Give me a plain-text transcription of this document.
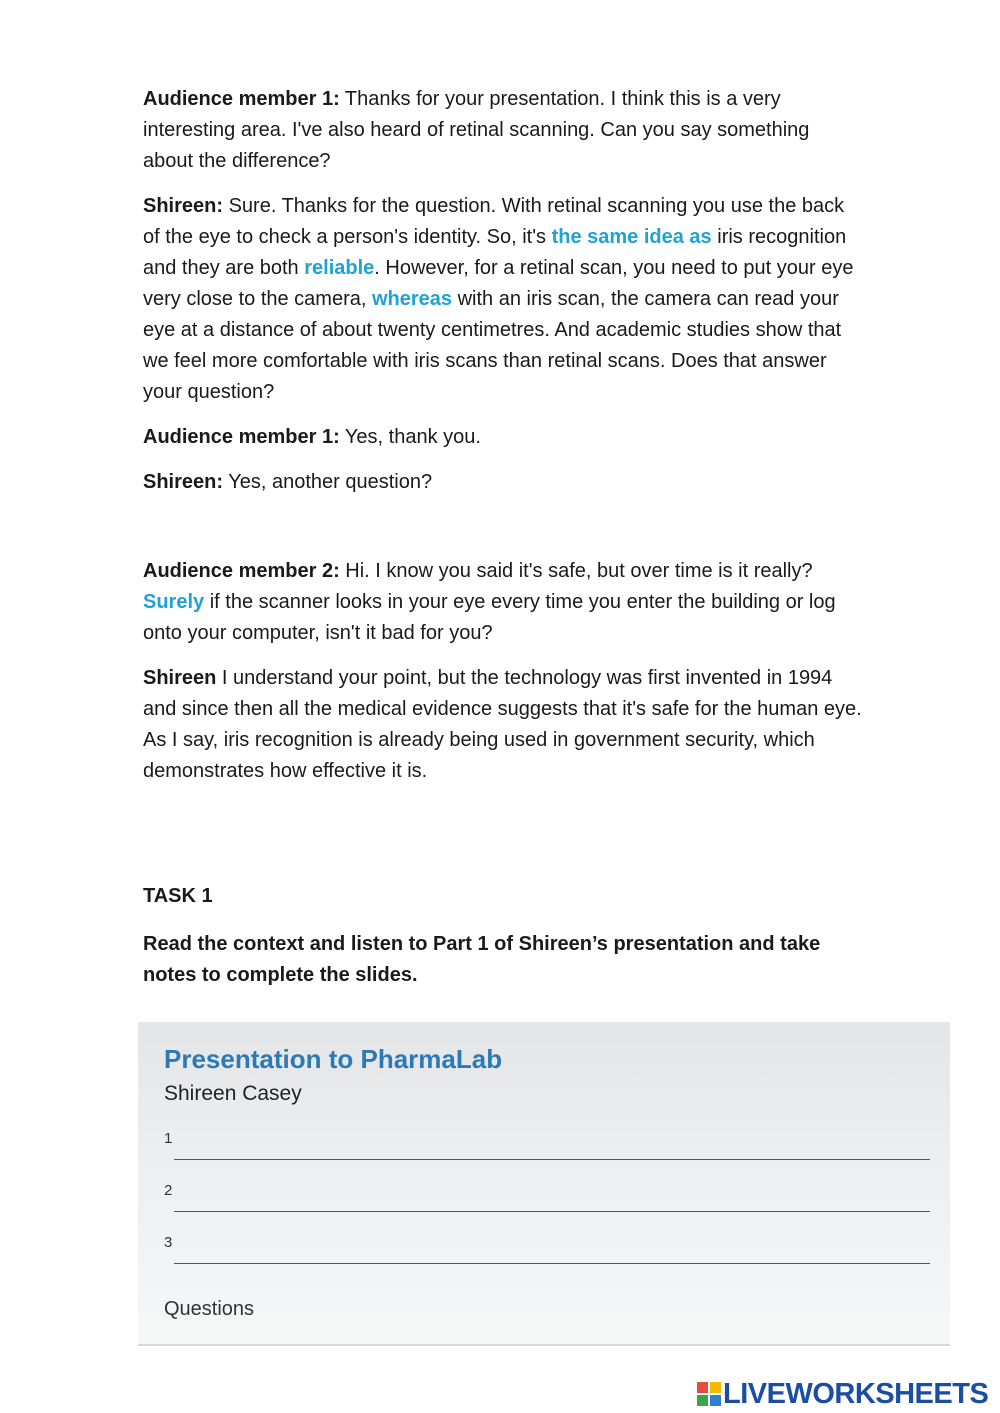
Audience member 1: Thanks for your presentation. I think this is a very interesting area. I've also heard of retinal scanning. Can you say something about the difference?

Shireen: Sure. Thanks for the question. With retinal scanning you use the back of the eye to check a person's identity. So, it's the same idea as iris recognition and they are both reliable. However, for a retinal scan, you need to put your eye very close to the camera, whereas with an iris scan, the camera can read your eye at a distance of about twenty centimetres. And academic studies show that we feel more comfortable with iris scans than retinal scans. Does that answer your question?

Audience member 1: Yes, thank you.

Shireen: Yes, another question?

Audience member 2: Hi. I know you said it's safe, but over time is it really? Surely if the scanner looks in your eye every time you enter the building or log onto your computer, isn't it bad for you?

Shireen I understand your point, but the technology was first invented in 1994 and since then all the medical evidence suggests that it's safe for the human eye. As I say, iris recognition is already being used in government security, which demonstrates how effective it is.

TASK 1
Read the context and listen to Part 1 of Shireen’s presentation and take notes to complete the slides.
Presentation to PharmaLab
Shireen Casey
1
2
3
Questions
LIVEWORKSHEETS
